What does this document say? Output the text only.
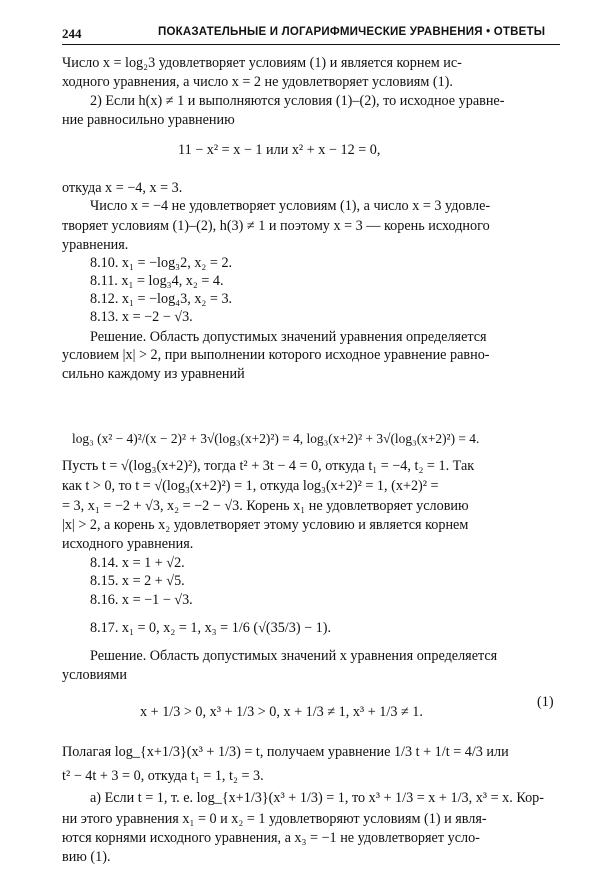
244	ПОКАЗАТЕЛЬНЫЕ И ЛОГАРИФМИЧЕСКИЕ УРАВНЕНИЯ • ОТВЕТЫ
Число x = log₂3 удовлетворяет условиям (1) и является корнем ис-
ходного уравнения, а число x = 2 не удовлетворяет условиям (1).
2) Если h(x) ≠ 1 и выполняются условия (1)–(2), то исходное уравне-
ние равносильно уравнению
11 − x² = x − 1 или x² + x − 12 = 0,
откуда x = −4, x = 3.
Число x = −4 не удовлетворяет условиям (1), а число x = 3 удовле-
творяет условиям (1)–(2), h(3) ≠ 1 и поэтому x = 3 — корень исходного
уравнения.
8.10. x₁ = −log₃2, x₂ = 2.
8.11. x₁ = log₃4, x₂ = 4.
8.12. x₁ = −log₄3, x₂ = 3.
8.13. x = −2 − √3.
Решение. Область допустимых значений уравнения определяется
условием |x| > 2, при выполнении которого исходное уравнение равно-
сильно каждому из уравнений
log₃ (x² − 4)²/(x − 2)² + 3√(log₃(x+2)²) = 4, log₃(x+2)² + 3√(log₃(x+2)²) = 4.
Пусть t = √(log₃(x+2)²), тогда t² + 3t − 4 = 0, откуда t₁ = −4, t₂ = 1. Так
как t > 0, то t = √(log₃(x+2)²) = 1, откуда log₃(x+2)² = 1, (x+2)² =
= 3, x₁ = −2 + √3, x₂ = −2 − √3. Корень x₁ не удовлетворяет условию
|x| > 2, а корень x₂ удовлетворяет этому условию и является корнем
исходного уравнения.
8.14. x = 1 + √2.
8.15. x = 2 + √5.
8.16. x = −1 − √3.
8.17. x₁ = 0, x₂ = 1, x₃ = 1/6 (√(35/3) − 1).
Решение. Область допустимых значений x уравнения определяется
условиями
x + 1/3 > 0, x³ + 1/3 > 0, x + 1/3 ≠ 1, x³ + 1/3 ≠ 1.
(1)
Полагая log_{x+1/3}(x³ + 1/3) = t, получаем уравнение 1/3 t + 1/t = 4/3 или
t² − 4t + 3 = 0, откуда t₁ = 1, t₂ = 3.
а) Если t = 1, т. е. log_{x+1/3}(x³ + 1/3) = 1, то x³ + 1/3 = x + 1/3, x³ = x. Кор-
ни этого уравнения x₁ = 0 и x₂ = 1 удовлетворяют условиям (1) и явля-
ются корнями исходного уравнения, а x₃ = −1 не удовлетворяет усло-
вию (1).
